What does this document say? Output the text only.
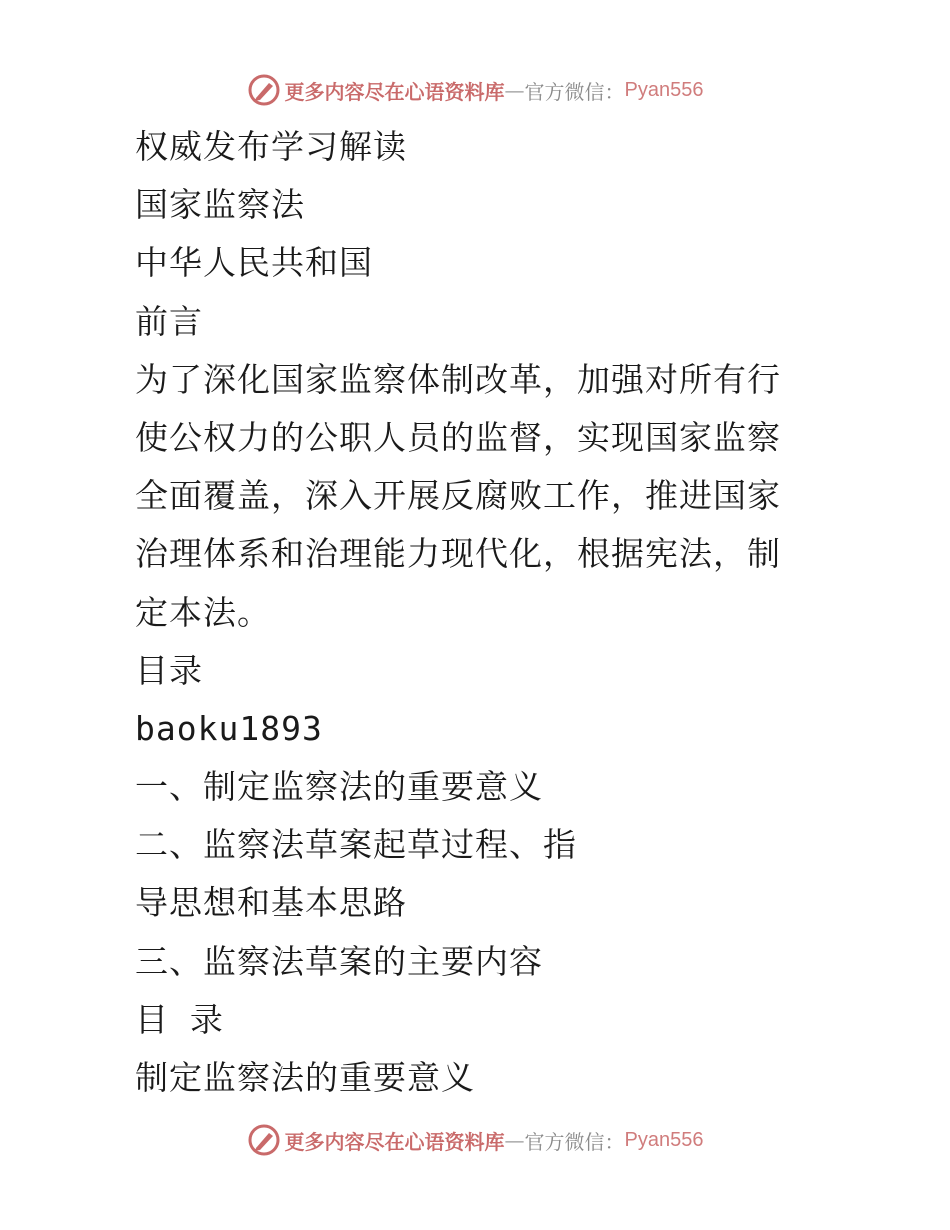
更多内容尽在心语资料库 — 官方微信： Pyan556
权威发布学习解读
国家监察法
中华人民共和国
前言
为了深化国家监察体制改革，加强对所有行
使公权力的公职人员的监督，实现国家监察
全面覆盖，深入开展反腐败工作，推进国家
治理体系和治理能力现代化，根据宪法，制
定本法。
目录
baoku1893
一、制定监察法的重要意义
二、监察法草案起草过程、指
导思想和基本思路
三、监察法草案的主要内容
目 录
制定监察法的重要意义
更多内容尽在心语资料库 — 官方微信： Pyan556
